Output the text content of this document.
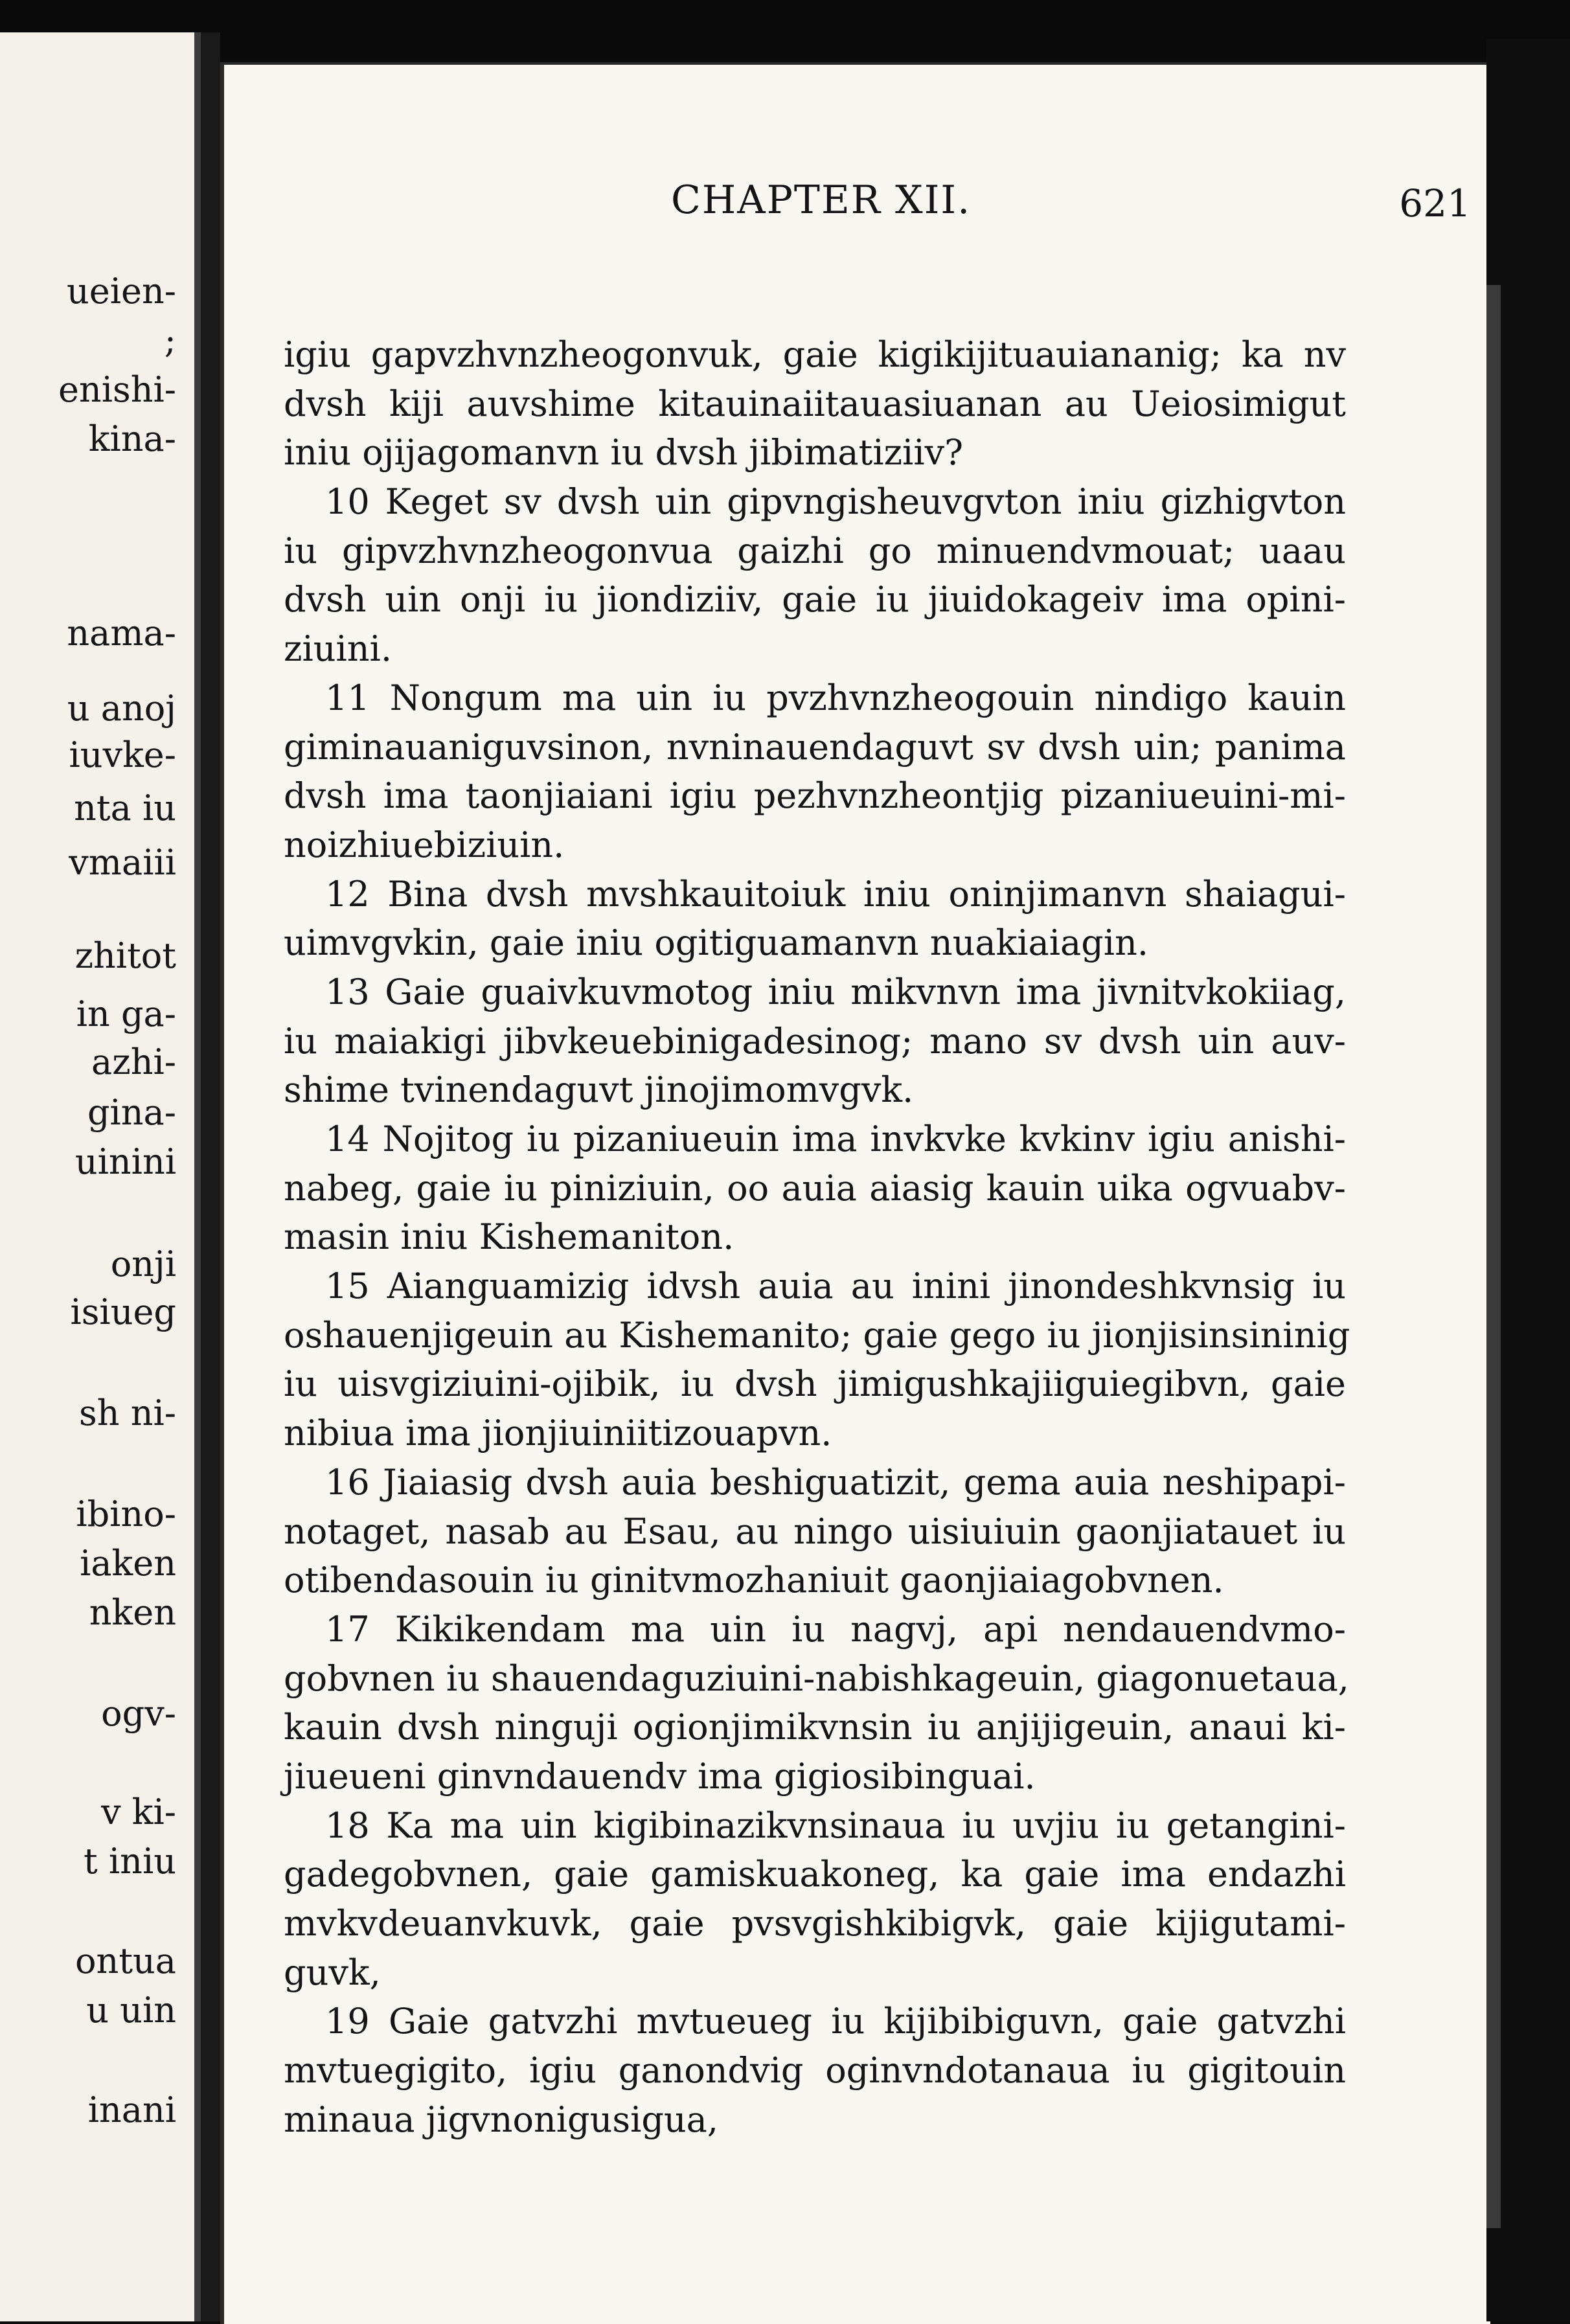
ueien-

;

enishi-

kina-

nama-

u anoj

iuvke-

nta iu

vmaiii

zhitot

in ga-

azhi-

gina-

uinini

onji

isiueg

sh ni-

ibino-

iaken

nken

ogv-

v ki-

t iniu

ontua

u uin

inani

CHAPTER XII.	621

igiu gapvzhvnzheogonvuk, gaie kigikijituauiananig; ka nv

dvsh kiji auvshime kitauinaiitauasiuanan au Ueiosimigut

iniu ojijagomanvn iu dvsh jibimatiziiv?

10 Keget sv dvsh uin gipvngisheuvgvton iniu gizhigvton

iu gipvzhvnzheogonvua gaizhi go minuendvmouat; uaau

dvsh uin onji iu jiondiziiv, gaie iu jiuidokageiv ima opini-

ziuini.

11 Nongum ma uin iu pvzhvnzheogouin nindigo kauin

giminauaniguvsinon, nvninauendaguvt sv dvsh uin; panima

dvsh ima taonjiaiani igiu pezhvnzheontjig pizaniueuini-mi-

noizhiuebiziuin.

12 Bina dvsh mvshkauitoiuk iniu oninjimanvn shaiagui-

uimvgvkin, gaie iniu ogitiguamanvn nuakiaiagin.

13 Gaie guaivkuvmotog iniu mikvnvn ima jivnitvkokiiag,

iu maiakigi jibvkeuebinigadesinog; mano sv dvsh uin auv-

shime tvinendaguvt jinojimomvgvk.

14 Nojitog iu pizaniueuin ima invkvke kvkinv igiu anishi-

nabeg, gaie iu piniziuin, oo auia aiasig kauin uika ogvuabv-

masin iniu Kishemaniton.

15 Aianguamizig idvsh auia au inini jinondeshkvnsig iu

oshauenjigeuin au Kishemanito; gaie gego iu jionjisinsininig

iu uisvgiziuini-ojibik, iu dvsh jimigushkajiiguiegibvn, gaie

nibiua ima jionjiuiniitizouapvn.

16 Jiaiasig dvsh auia beshiguatizit, gema auia neshipapi-

notaget, nasab au Esau, au ningo uisiuiuin gaonjiatauet iu

otibendasouin iu ginitvmozhaniuit gaonjiaiagobvnen.

17 Kikikendam ma uin iu nagvj, api nendauendvmo-

gobvnen iu shauendaguziuini-nabishkageuin, giagonuetaua,

kauin dvsh ninguji ogionjimikvnsin iu anjijigeuin, anaui ki-

jiueueni ginvndauendv ima gigiosibinguai.

18 Ka ma uin kigibinazikvnsinaua iu uvjiu iu getangini-

gadegobvnen, gaie gamiskuakoneg, ka gaie ima endazhi

mvkvdeuanvkuvk, gaie pvsvgishkibigvk, gaie kijigutami-

guvk,

19 Gaie gatvzhi mvtueueg iu kijibibiguvn, gaie gatvzhi

mvtuegigito, igiu ganondvig oginvndotanaua iu gigitouin

minaua jigvnonigusigua,
